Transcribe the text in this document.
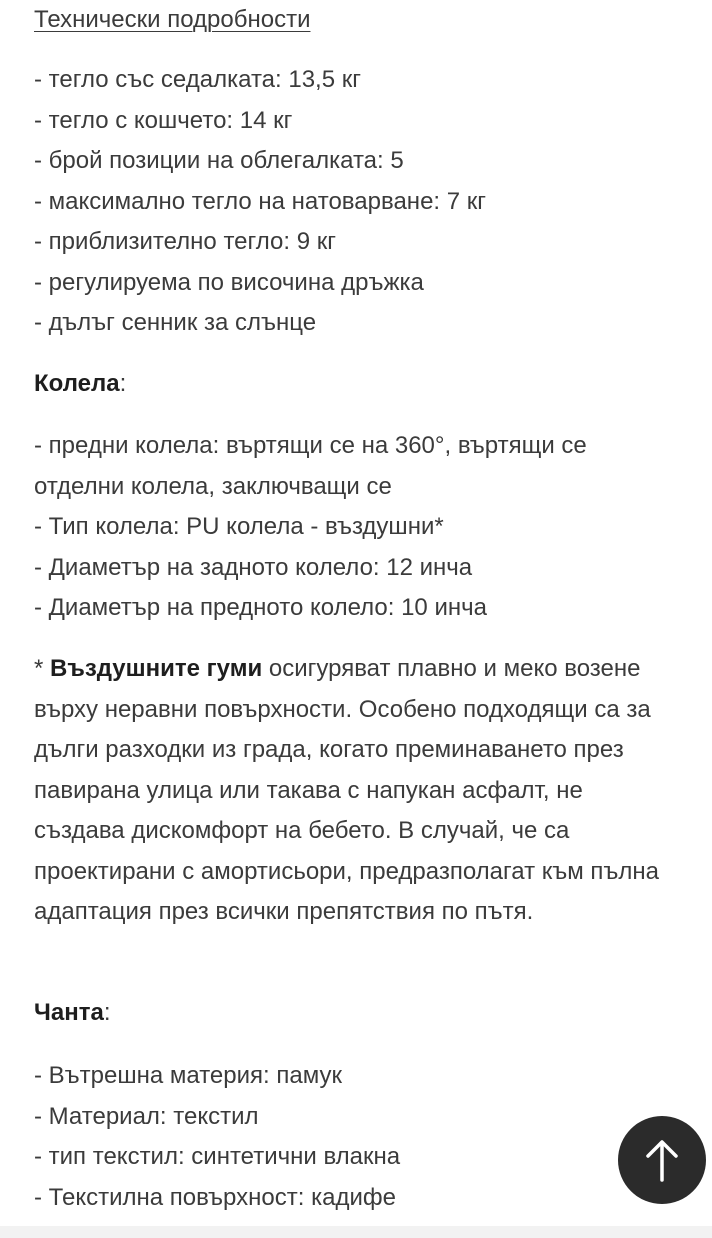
Технически подробности
- тегло със седалката: 13,5 кг
- тегло с кошчето: 14 кг
- брой позиции на облегалката: 5
- максимално тегло на натоварване: 7 кг
- приблизително тегло: 9 кг
- регулируема по височина дръжка
- дълъг сенник за слънце
Колела:
- предни колела: въртящи се на 360°, въртящи се
отделни колела, заключващи се
- Тип колела: PU колела - въздушни*
- Диаметър на задното колело: 12 инча
- Диаметър на предното колело: 10 инча

* Въздушните гуми осигуряват плавно и меко возене върху неравни повърхности. Особено подходящи са за дълги разходки из града, когато преминаването през павирана улица или такава с напукан асфалт, не създава дискомфорт на бебето. В случай, че са проектирани с амортисьори, предразполагат към пълна адаптация през всички препятствия по пътя.

Чанта:
- Вътрешна материя: памук
- Материал: текстил
- тип текстил: синтетични влакна
- Текстилна повърхност: кадифе
